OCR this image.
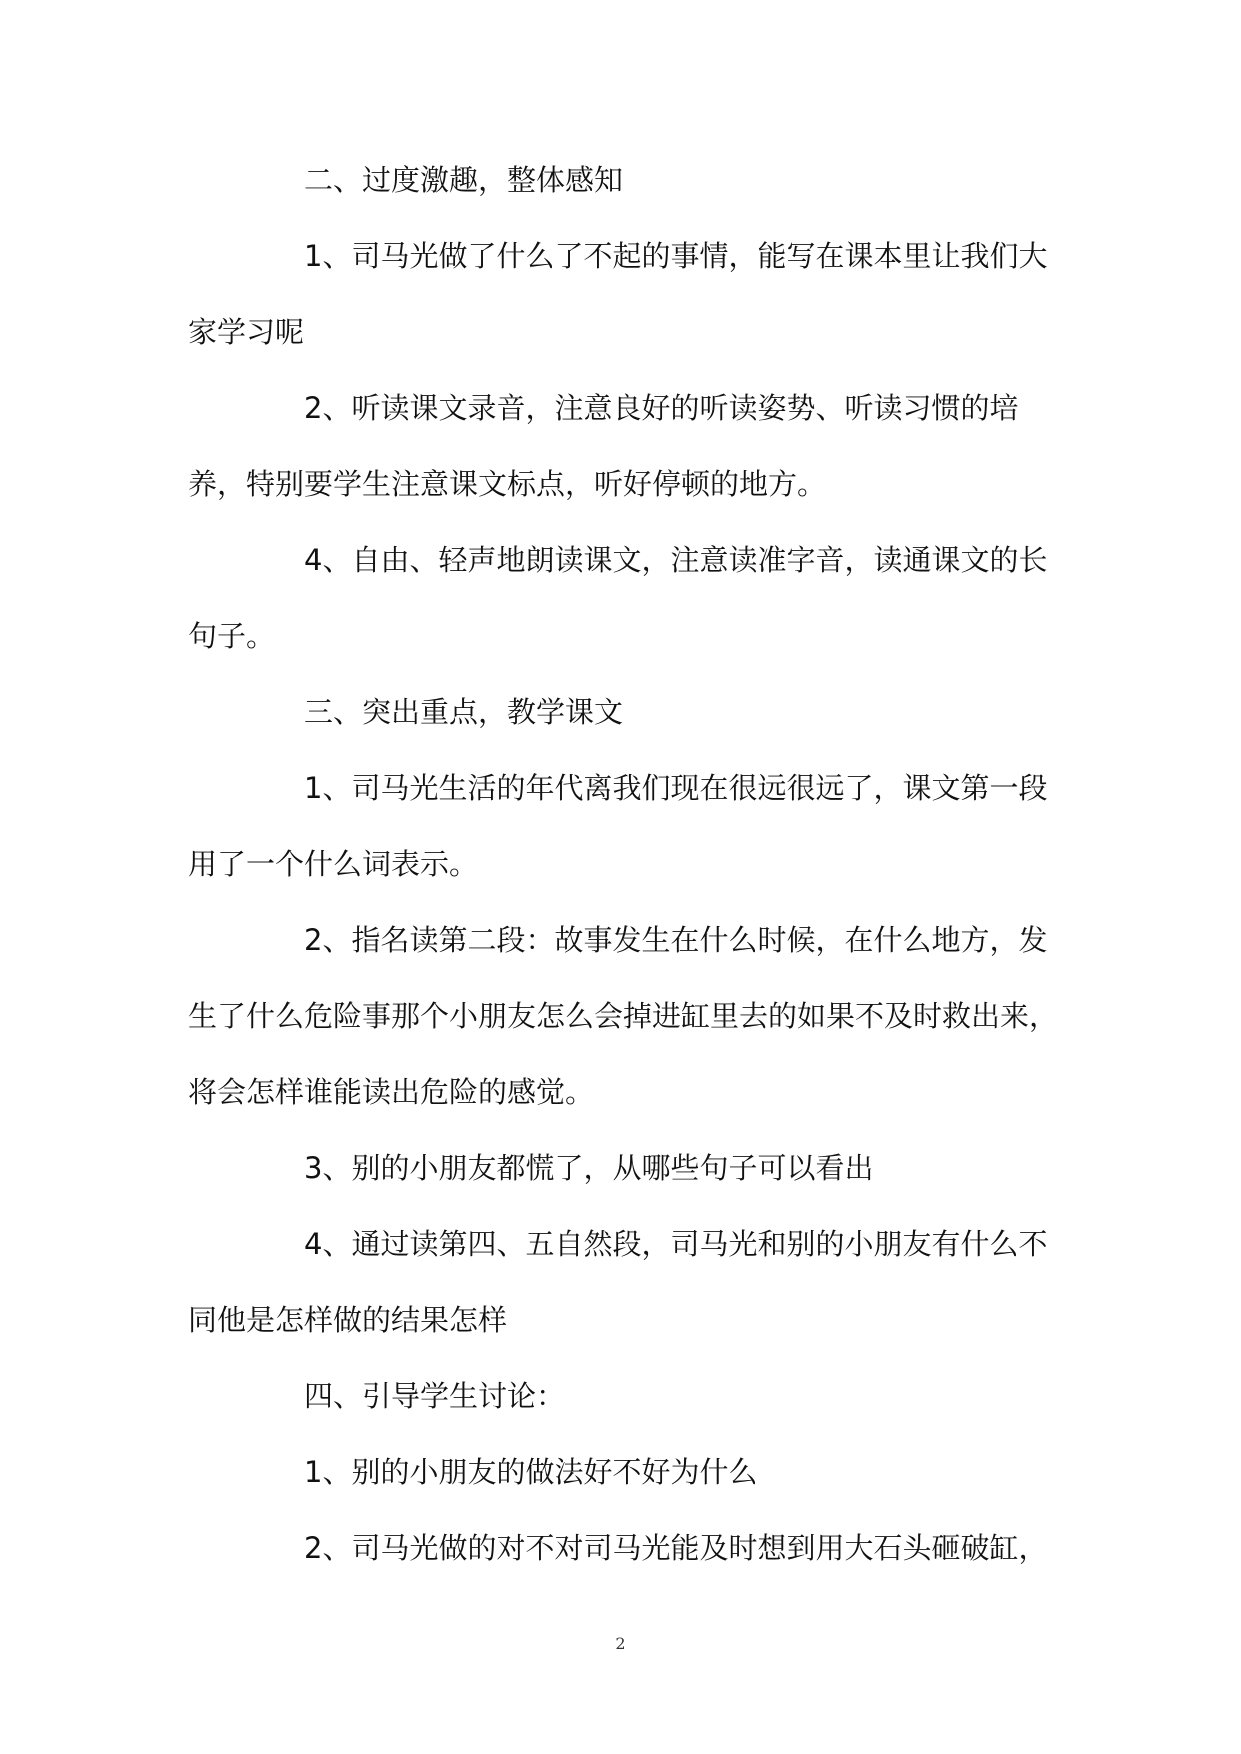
二、过度激趣，整体感知

1、司马光做了什么了不起的事情，能写在课本里让我们大家学习呢

2、听读课文录音，注意良好的听读姿势、听读习惯的培养，特别要学生注意课文标点，听好停顿的地方。

4、自由、轻声地朗读课文，注意读准字音，读通课文的长句子。

三、突出重点，教学课文

1、司马光生活的年代离我们现在很远很远了，课文第一段用了一个什么词表示。

2、指名读第二段：故事发生在什么时候，在什么地方，发生了什么危险事那个小朋友怎么会掉进缸里去的如果不及时救出来，将会怎样谁能读出危险的感觉。

3、别的小朋友都慌了，从哪些句子可以看出

4、通过读第四、五自然段，司马光和别的小朋友有什么不同他是怎样做的结果怎样

四、引导学生讨论：

1、别的小朋友的做法好不好为什么

2、司马光做的对不对司马光能及时想到用大石头砸破缸，

2
